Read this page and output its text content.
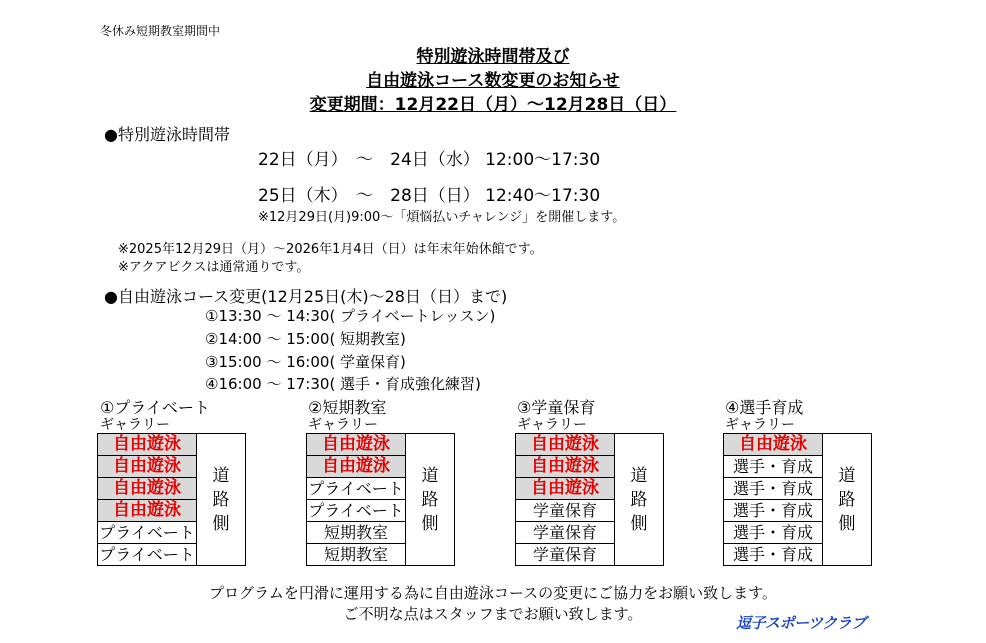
冬休み短期教室期間中
特別遊泳時間帯及び
自由遊泳コース数変更のお知らせ
変更期間：12月22日（月）～12月28日（日）
●特別遊泳時間帯
22日（月）　～　24日（水） 12:00～17:30
25日（木）　～　28日（日） 12:40～17:30
※12月29日(月)9:00～「煩悩払いチャレンジ」を開催します。
※2025年12月29日（月）～2026年1月4日（日）は年末年始休館です。
※アクアビクスは通常通りです。
●自由遊泳コース変更(12月25日(木)～28日（日）まで)
①13:30 ～ 14:30( プライベートレッスン)
②14:00 ～ 15:00( 短期教室)
③15:00 ～ 16:00( 学童保育)
④16:00 ～ 17:30( 選手・育成強化練習)
①プライベート
ギャラリー
自由遊泳	道
路
側
自由遊泳
自由遊泳
自由遊泳
プライベート
プライベート
②短期教室
ギャラリー
自由遊泳	道
路
側
自由遊泳
プライベート
プライベート
短期教室
短期教室
③学童保育
ギャラリー
自由遊泳	道
路
側
自由遊泳
自由遊泳
学童保育
学童保育
学童保育
④選手育成
ギャラリー
自由遊泳	道
路
側
選手・育成
選手・育成
選手・育成
選手・育成
選手・育成
プログラムを円滑に運用する為に自由遊泳コースの変更にご協力をお願い致します。
ご不明な点はスタッフまでお願い致します。	逗子スポーツクラブ
